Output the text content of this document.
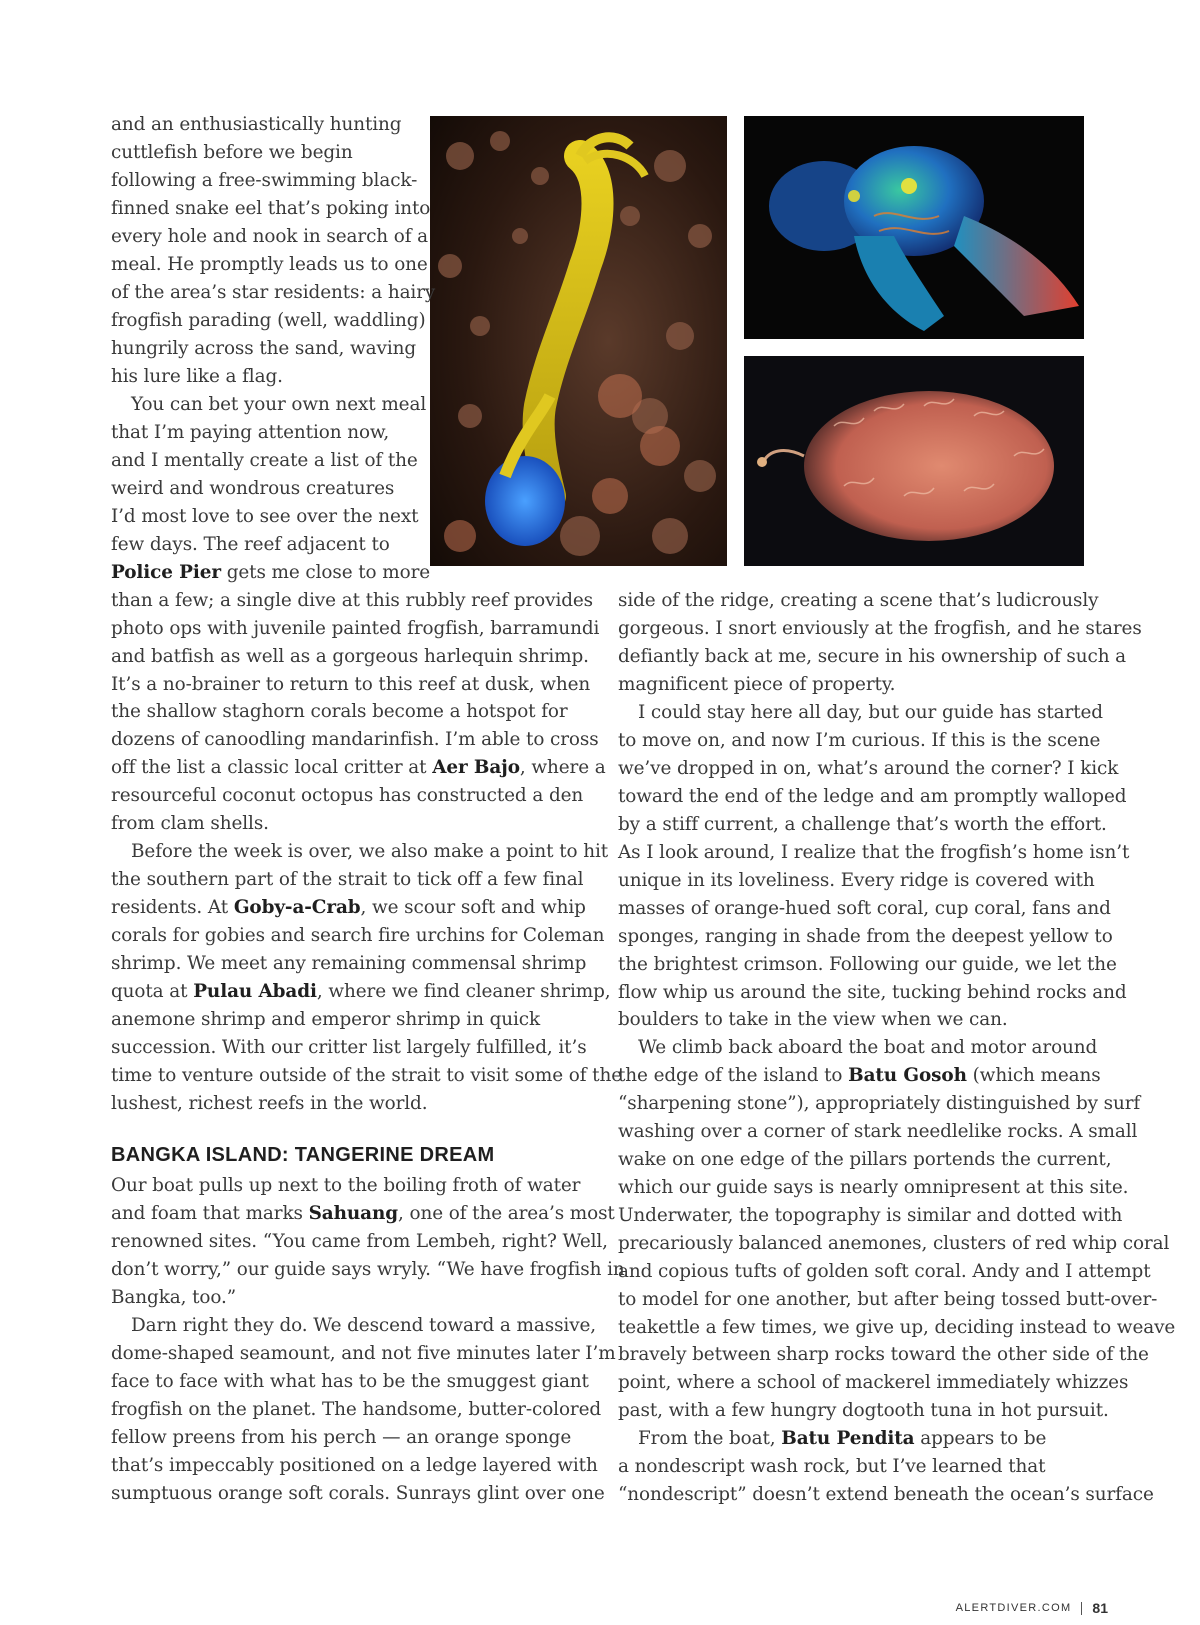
and an enthusiastically hunting
cuttlefish before we begin
following a free-swimming black-
finned snake eel that’s poking into
every hole and nook in search of a
meal. He promptly leads us to one
of the area’s star residents: a hairy
frogfish parading (well, waddling)
hungrily across the sand, waving
his lure like a flag.

You can bet your own next meal
that I’m paying attention now,
and I mentally create a list of the
weird and wondrous creatures
I’d most love to see over the next
few days. The reef adjacent to
Police Pier gets me close to more
than a few; a single dive at this rubbly reef provides
photo ops with juvenile painted frogfish, barramundi
and batfish as well as a gorgeous harlequin shrimp.
It’s a no-brainer to return to this reef at dusk, when
the shallow staghorn corals become a hotspot for
dozens of canoodling mandarinfish. I’m able to cross
off the list a classic local critter at Aer Bajo, where a
resourceful coconut octopus has constructed a den
from clam shells.

Before the week is over, we also make a point to hit
the southern part of the strait to tick off a few final
residents. At Goby-a-Crab, we scour soft and whip
corals for gobies and search fire urchins for Coleman
shrimp. We meet any remaining commensal shrimp
quota at Pulau Abadi, where we find cleaner shrimp,
anemone shrimp and emperor shrimp in quick
succession. With our critter list largely fulfilled, it’s
time to venture outside of the strait to visit some of the
lushest, richest reefs in the world.

BANGKA ISLAND: TANGERINE DREAM

Our boat pulls up next to the boiling froth of water
and foam that marks Sahuang, one of the area’s most
renowned sites. “You came from Lembeh, right? Well,
don’t worry,” our guide says wryly. “We have frogfish in
Bangka, too.”

Darn right they do. We descend toward a massive,
dome-shaped seamount, and not five minutes later I’m
face to face with what has to be the smuggest giant
frogfish on the planet. The handsome, butter-colored
fellow preens from his perch — an orange sponge
that’s impeccably positioned on a ledge layered with
sumptuous orange soft corals. Sunrays glint over one

side of the ridge, creating a scene that’s ludicrously
gorgeous. I snort enviously at the frogfish, and he stares
defiantly back at me, secure in his ownership of such a
magnificent piece of property.

I could stay here all day, but our guide has started
to move on, and now I’m curious. If this is the scene
we’ve dropped in on, what’s around the corner? I kick
toward the end of the ledge and am promptly walloped
by a stiff current, a challenge that’s worth the effort.
As I look around, I realize that the frogfish’s home isn’t
unique in its loveliness. Every ridge is covered with
masses of orange-hued soft coral, cup coral, fans and
sponges, ranging in shade from the deepest yellow to
the brightest crimson. Following our guide, we let the
flow whip us around the site, tucking behind rocks and
boulders to take in the view when we can.

We climb back aboard the boat and motor around
the edge of the island to Batu Gosoh (which means
“sharpening stone”), appropriately distinguished by surf
washing over a corner of stark needlelike rocks. A small
wake on one edge of the pillars portends the current,
which our guide says is nearly omnipresent at this site.
Underwater, the topography is similar and dotted with
precariously balanced anemones, clusters of red whip coral
and copious tufts of golden soft coral. Andy and I attempt
to model for one another, but after being tossed butt-over-
teakettle a few times, we give up, deciding instead to weave
bravely between sharp rocks toward the other side of the
point, where a school of mackerel immediately whizzes
past, with a few hungry dogtooth tuna in hot pursuit.

From the boat, Batu Pendita appears to be
a nondescript wash rock, but I’ve learned that
“nondescript” doesn’t extend beneath the ocean’s surface

ALERTDIVER.COM 81
